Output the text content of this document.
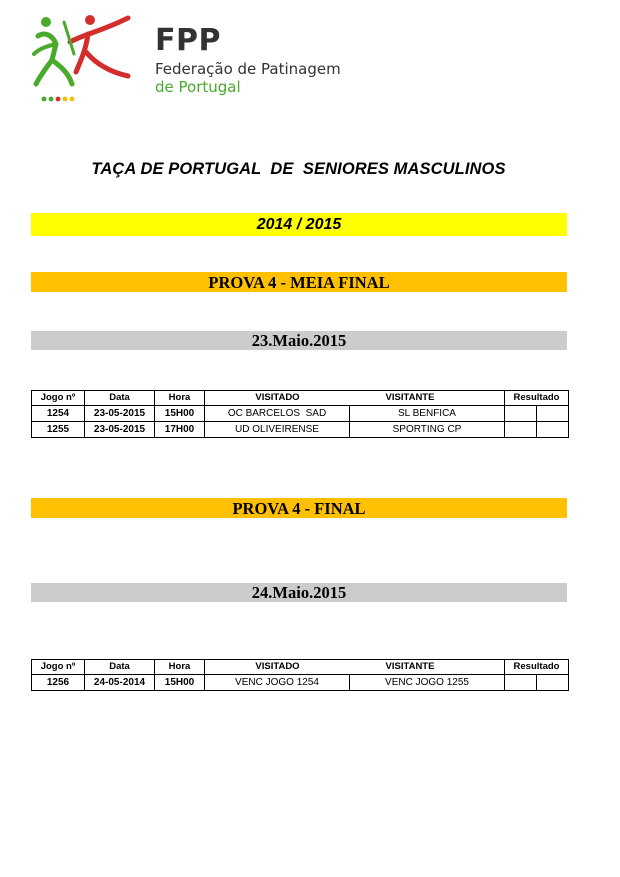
FPP
Federação de Patinagem
de Portugal
TAÇA DE PORTUGAL  DE  SENIORES MASCULINOS
2014 / 2015
PROVA 4 - MEIA FINAL
23.Maio.2015
Jogo nº	Data	Hora	VISITADO VISITANTE		Resultado	
1254	23-05-2015	15H00	OC BARCELOS  SAD	SL BENFICA		
1255	23-05-2015	17H00	UD OLIVEIRENSE	SPORTING CP		
PROVA 4 - FINAL
24.Maio.2015
Jogo nº	Data	Hora	VISITADO VISITANTE		Resultado	
1256	24-05-2014	15H00	VENC JOGO 1254	VENC JOGO 1255		
